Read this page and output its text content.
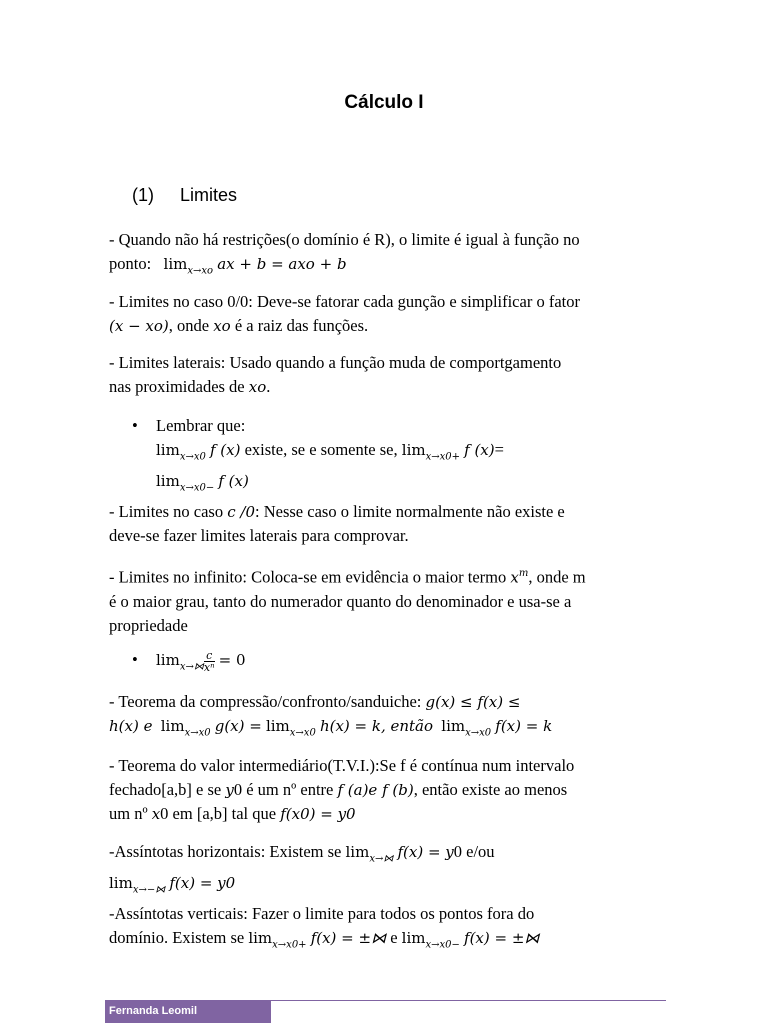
Cálculo I
(1) Limites
- Quando não há restrições(o domínio é R), o limite é igual à função no
ponto: $\lim_{x\to xo}$ ax + b = axo + b
- Limites no caso 0/0: Deve-se fatorar cada gunção e simplificar o fator
(x − xo), onde xo é a raiz das funções.
- Limites laterais: Usado quando a função muda de comportgamento
nas proximidades de xo.
• Lembrar que:
$\lim_{x\to x0} f$ (x) existe, se e somente se, $\lim_{x\to x0+} f$ (x)=
$\lim_{x\to x0-} f$ (x)
- Limites no caso c /0: Nesse caso o limite normalmente não existe e
deve-se fazer limites laterais para comprovar.
- Limites no infinito: Coloca-se em evidência o maior termo $x^m$, onde m
é o maior grau, tanto do numerador quanto do denominador e usa-se a
propriedade
• $\lim_{x\to⋈} \frac{c}{\text{xⁿ}} = 0$
- Teorema da compressão/confronto/sanduiche: g(x) ≤ f(x) ≤
h(x) e $\lim_{x\to x0} g(x) = \lim_{x\to x0} h(x) = k$, então $\lim_{x\to x0} f(x) = k$
- Teorema do valor intermediário(T.V.I.):Se f é contínua num intervalo
fechado[a,b] e se y0 é um nº entre f (a)e f (b), então existe ao menos
um nº x0 em [a,b] tal que f(x0) = y0
-Assíntotas horizontais: Existem se $\lim_{x\to⋈} f(x) = y0$ e/ou
$\lim_{x\to-⋈} f(x) = y0$
-Assíntotas verticais: Fazer o limite para todos os pontos fora do
domínio. Existem se $\lim_{x\to x0+} f(x)$ = ±⋈ e $\lim_{x\to x0-} f(x)$ = ±⋈
Fernanda Leomil
